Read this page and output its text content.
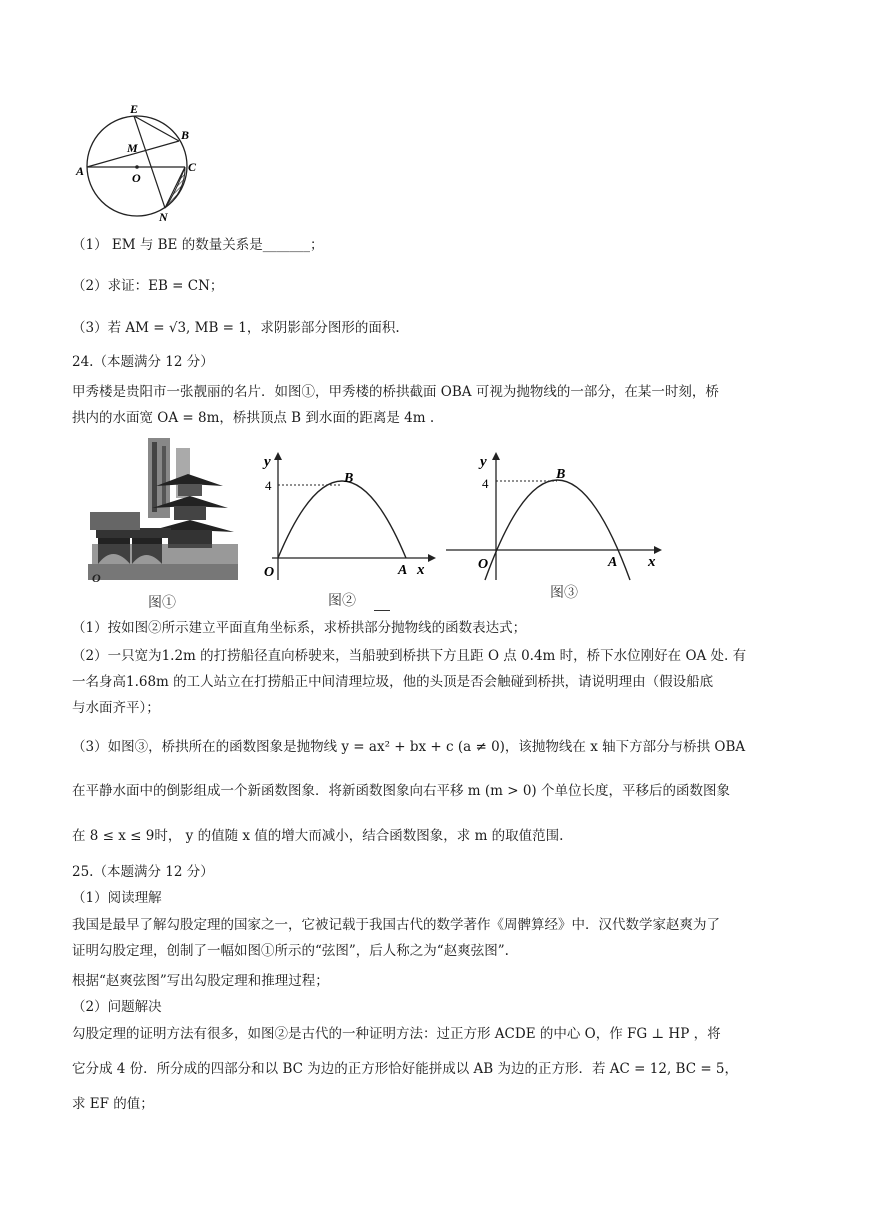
E
B
M
A	O
C
N
（1） EM 与 BE 的数量关系是_______；
（2）求证：EB = CN；
（3）若 AM = √3, MB = 1，求阴影部分图形的面积.
24.（本题满分 12 分）
甲秀楼是贵阳市一张靓丽的名片．如图①，甲秀楼的桥拱截面 OBA 可视为抛物线的一部分，在某一时刻，桥
拱内的水面宽 OA = 8m，桥拱顶点 B 到水面的距离是 4m .
O
图①
y
4	B
O	A x
图②
y
4
B
O	A x
图③
（1）按如图②所示建立平面直角坐标系，求桥拱部分抛物线的函数表达式；
（2）一只宽为1.2m 的打捞船径直向桥驶来，当船驶到桥拱下方且距 O 点 0.4m 时，桥下水位刚好在 OA 处. 有
一名身高1.68m 的工人站立在打捞船正中间清理垃圾，他的头顶是否会触碰到桥拱，请说明理由（假设船底
与水面齐平）；
（3）如图③，桥拱所在的函数图象是抛物线 y = ax² + bx + c (a ≠ 0)，该抛物线在 x 轴下方部分与桥拱 OBA
在平静水面中的倒影组成一个新函数图象．将新函数图象向右平移 m (m > 0) 个单位长度，平移后的函数图象
在 8 ≤ x ≤ 9时， y 的值随 x 值的增大而减小，结合函数图象，求 m 的取值范围.
25.（本题满分 12 分）
（1）阅读理解
我国是最早了解勾股定理的国家之一，它被记载于我国古代的数学著作《周髀算经》中．汉代数学家赵爽为了
证明勾股定理，创制了一幅如图①所示的“弦图”，后人称之为“赵爽弦图”.
根据“赵爽弦图”写出勾股定理和推理过程；
（2）问题解决
勾股定理的证明方法有很多，如图②是古代的一种证明方法：过正方形 ACDE 的中心 O，作 FG ⊥ HP ，将
它分成 4 份．所分成的四部分和以 BC 为边的正方形恰好能拼成以 AB 为边的正方形．若 AC = 12, BC = 5，
求 EF 的值；
